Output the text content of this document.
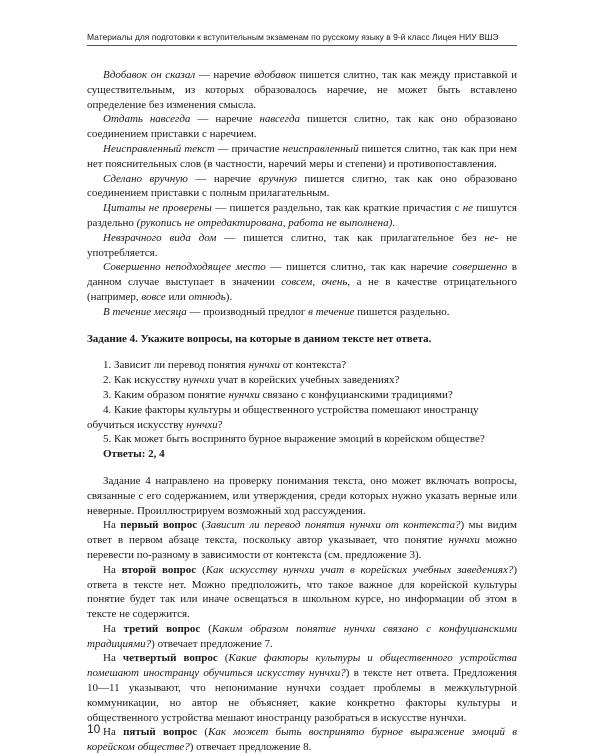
Материалы для подготовки к вступительным экзаменам по русскому языку в 9-й класс Лицея НИУ ВШЭ

Вдобавок он сказал — наречие вдобавок пишется слитно, так как между приставкой и существительным, из которых образовалось наречие, не может быть вставлено определение без изменения смысла.

Отдать навсегда — наречие навсегда пишется слитно, так как оно образовано соединением приставки с наречием.

Неисправленный текст — причастие неисправленный пишется слитно, так как при нем нет пояснительных слов (в частности, наречий меры и степени) и противопоставления.

Сделано вручную — наречие вручную пишется слитно, так как оно образовано соединением приставки с полным прилагательным.

Цитаты не проверены — пишется раздельно, так как краткие причастия с не пишутся раздельно (рукопись не отредактирована, работа не выполнена).

Невзрачного вида дом — пишется слитно, так как прилагательное без не- не употребляется.

Совершенно неподходящее место — пишется слитно, так как наречие совершенно в данном случае выступает в значении совсем, очень, а не в качестве отрицательного (например, вовсе или отнюдь).

В течение месяца — производный предлог в течение пишется раздельно.

Задание 4. Укажите вопросы, на которые в данном тексте нет ответа.

1. Зависит ли перевод понятия нунчхи от контекста?
2. Как искусству нунчхи учат в корейских учебных заведениях?
3. Каким образом понятие нунчхи связано с конфуцианскими традициями?
4. Какие факторы культуры и общественного устройства помешают иностранцу обучиться искусству нунчхи?
5. Как может быть воспринято бурное выражение эмоций в корейском обществе?

Ответы: 2, 4

Задание 4 направлено на проверку понимания текста, оно может включать вопросы, связанные с его содержанием, или утверждения, среди которых нужно указать верные или неверные. Проиллюстрируем возможный ход рассуждения.

На первый вопрос (Зависит ли перевод понятия нунчхи от контекста?) мы видим ответ в первом абзаце текста, поскольку автор указывает, что понятие нунчхи можно перевести по-разному в зависимости от контекста (см. предложение 3).

На второй вопрос (Как искусству нунчхи учат в корейских учебных заведениях?) ответа в тексте нет. Можно предположить, что такое важное для корейской культуры понятие будет так или иначе освещаться в школьном курсе, но информации об этом в тексте не содержится.

На третий вопрос (Каким образом понятие нунчхи связано с конфуцианскими традициями?) отвечает предложение 7.

На четвертый вопрос (Какие факторы культуры и общественного устройства помешают иностранцу обучиться искусству нунчхи?) в тексте нет ответа. Предложения 10—11 указывают, что непонимание нунчхи создает проблемы в межкультурной коммуникации, но автор не объясняет, какие конкретно факторы культуры и общественного устройства мешают иностранцу разобраться в искусстве нунчхи.

На пятый вопрос (Как может быть воспринято бурное выражение эмоций в корейском обществе?) отвечает предложение 8.

10
